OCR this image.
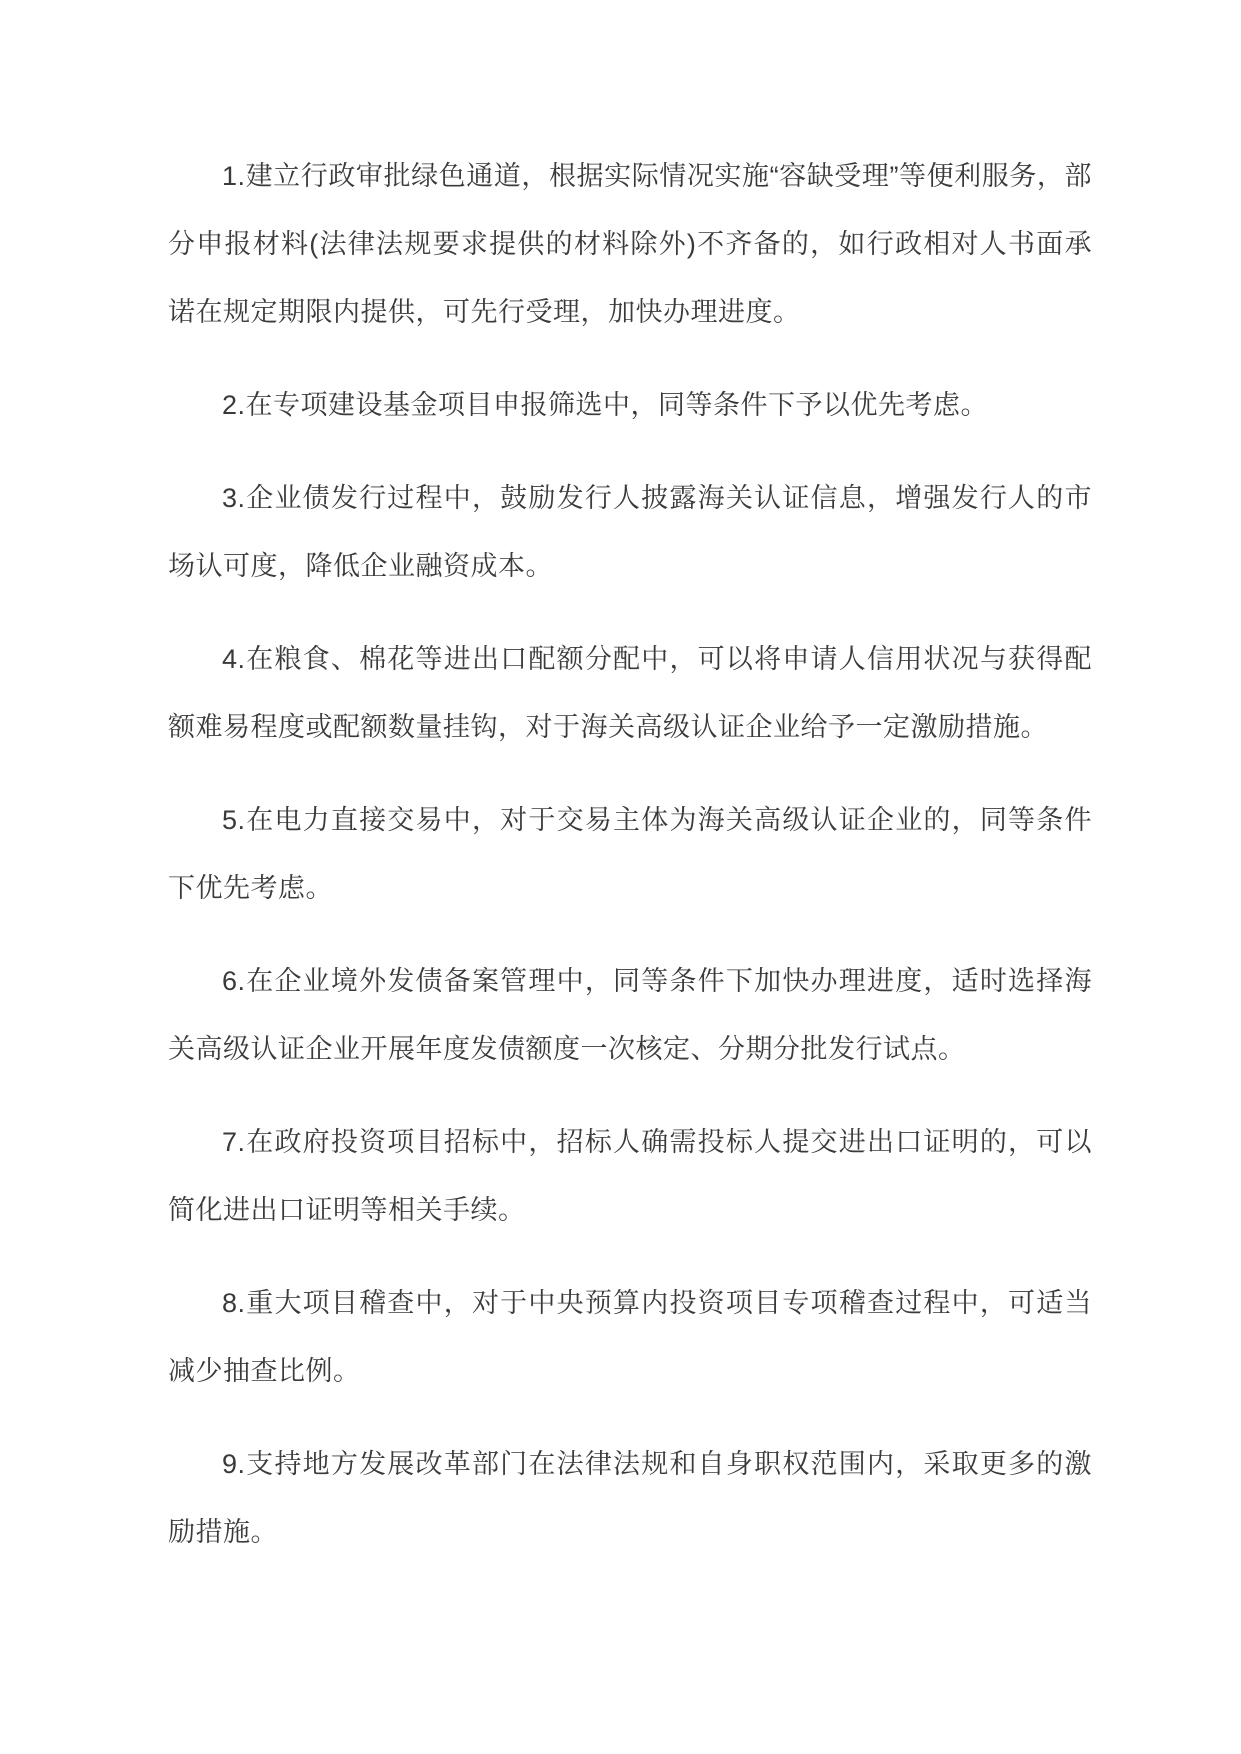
1.建立行政审批绿色通道，根据实际情况实施“容缺受理”等便利服务，部分申报材料(法律法规要求提供的材料除外)不齐备的，如行政相对人书面承诺在规定期限内提供，可先行受理，加快办理进度。

2.在专项建设基金项目申报筛选中，同等条件下予以优先考虑。

3.企业债发行过程中，鼓励发行人披露海关认证信息，增强发行人的市场认可度，降低企业融资成本。

4.在粮食、棉花等进出口配额分配中，可以将申请人信用状况与获得配额难易程度或配额数量挂钩，对于海关高级认证企业给予一定激励措施。

5.在电力直接交易中，对于交易主体为海关高级认证企业的，同等条件下优先考虑。

6.在企业境外发债备案管理中，同等条件下加快办理进度，适时选择海关高级认证企业开展年度发债额度一次核定、分期分批发行试点。

7.在政府投资项目招标中，招标人确需投标人提交进出口证明的，可以简化进出口证明等相关手续。

8.重大项目稽查中，对于中央预算内投资项目专项稽查过程中，可适当减少抽查比例。

9.支持地方发展改革部门在法律法规和自身职权范围内，采取更多的激励措施。
